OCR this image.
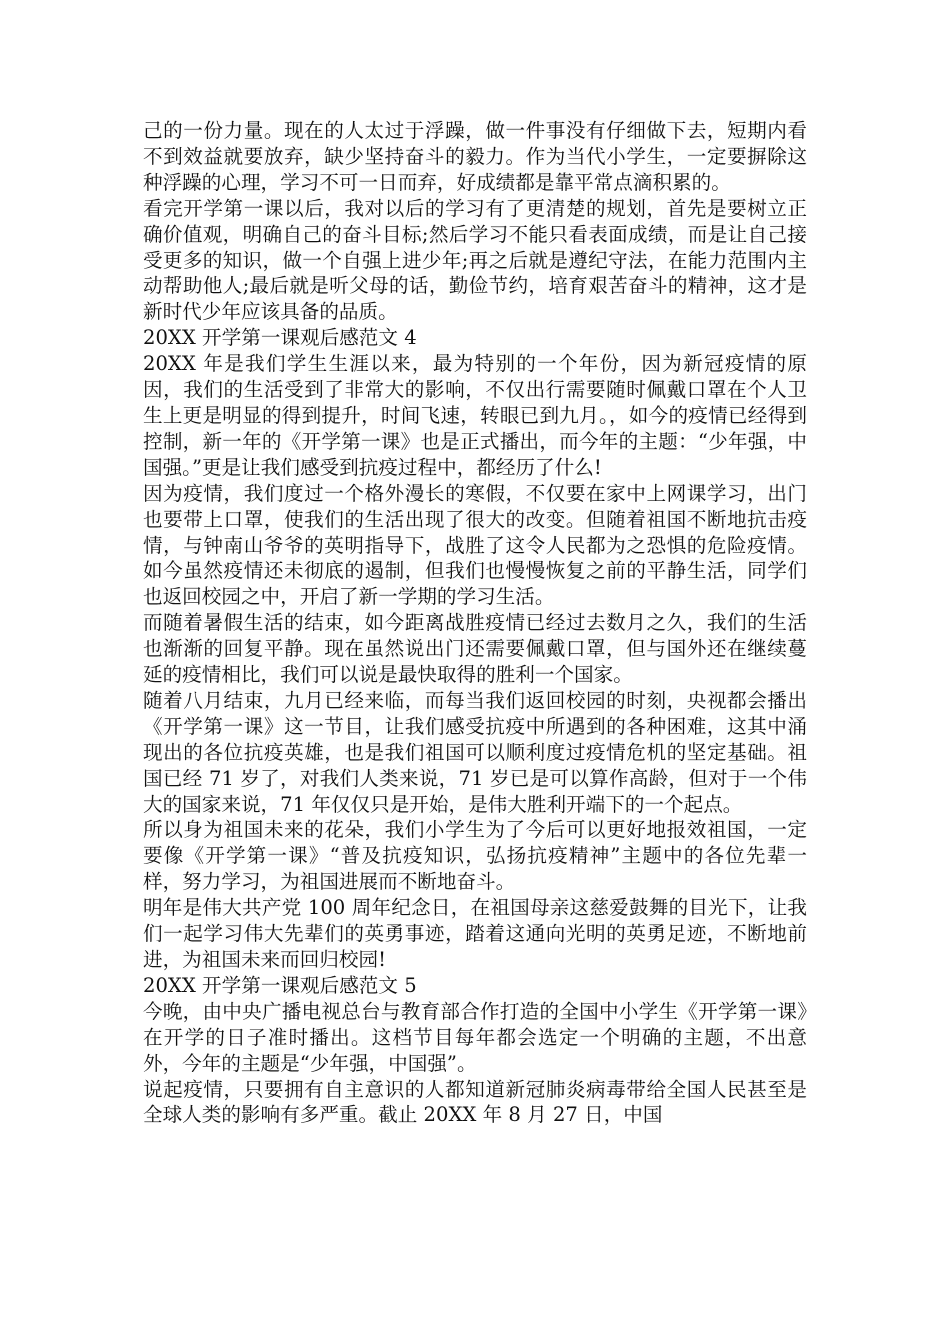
己的一份力量。现在的人太过于浮躁，做一件事没有仔细做下去，短期内看不到效益就要放弃，缺少坚持奋斗的毅力。作为当代小学生，一定要摒除这种浮躁的心理，学习不可一日而弃，好成绩都是靠平常点滴积累的。

看完开学第一课以后，我对以后的学习有了更清楚的规划，首先是要树立正确价值观，明确自己的奋斗目标;然后学习不能只看表面成绩，而是让自己接受更多的知识，做一个自强上进少年;再之后就是遵纪守法，在能力范围内主动帮助他人;最后就是听父母的话，勤俭节约，培育艰苦奋斗的精神，这才是新时代少年应该具备的品质。

20XX 开学第一课观后感范文 4

20XX 年是我们学生生涯以来，最为特别的一个年份，因为新冠疫情的原因，我们的生活受到了非常大的影响，不仅出行需要随时佩戴口罩在个人卫生上更是明显的得到提升，时间飞速，转眼已到九月。，如今的疫情已经得到控制，新一年的《开学第一课》也是正式播出，而今年的主题：“少年强，中国强。”更是让我们感受到抗疫过程中，都经历了什么!

因为疫情，我们度过一个格外漫长的寒假，不仅要在家中上网课学习，出门也要带上口罩，使我们的生活出现了很大的改变。但随着祖国不断地抗击疫情，与钟南山爷爷的英明指导下，战胜了这令人民都为之恐惧的危险疫情。如今虽然疫情还未彻底的遏制，但我们也慢慢恢复之前的平静生活，同学们也返回校园之中，开启了新一学期的学习生活。

而随着暑假生活的结束，如今距离战胜疫情已经过去数月之久，我们的生活也渐渐的回复平静。现在虽然说出门还需要佩戴口罩，但与国外还在继续蔓延的疫情相比，我们可以说是最快取得的胜利一个国家。

随着八月结束，九月已经来临，而每当我们返回校园的时刻，央视都会播出《开学第一课》这一节目，让我们感受抗疫中所遇到的各种困难，这其中涌现出的各位抗疫英雄，也是我们祖国可以顺利度过疫情危机的坚定基础。祖国已经 71 岁了，对我们人类来说，71 岁已是可以算作高龄，但对于一个伟大的国家来说，71 年仅仅只是开始，是伟大胜利开端下的一个起点。

所以身为祖国未来的花朵，我们小学生为了今后可以更好地报效祖国，一定要像《开学第一课》“普及抗疫知识，弘扬抗疫精神”主题中的各位先辈一样，努力学习，为祖国进展而不断地奋斗。

明年是伟大共产党 100 周年纪念日，在祖国母亲这慈爱鼓舞的目光下，让我们一起学习伟大先辈们的英勇事迹，踏着这通向光明的英勇足迹，不断地前进，为祖国未来而回归校园!

20XX 开学第一课观后感范文 5

今晚，由中央广播电视总台与教育部合作打造的全国中小学生《开学第一课》在开学的日子准时播出。这档节目每年都会选定一个明确的主题，不出意外，今年的主题是“少年强，中国强”。

说起疫情，只要拥有自主意识的人都知道新冠肺炎病毒带给全国人民甚至是全球人类的影响有多严重。截止 20XX 年 8 月 27 日，中国
